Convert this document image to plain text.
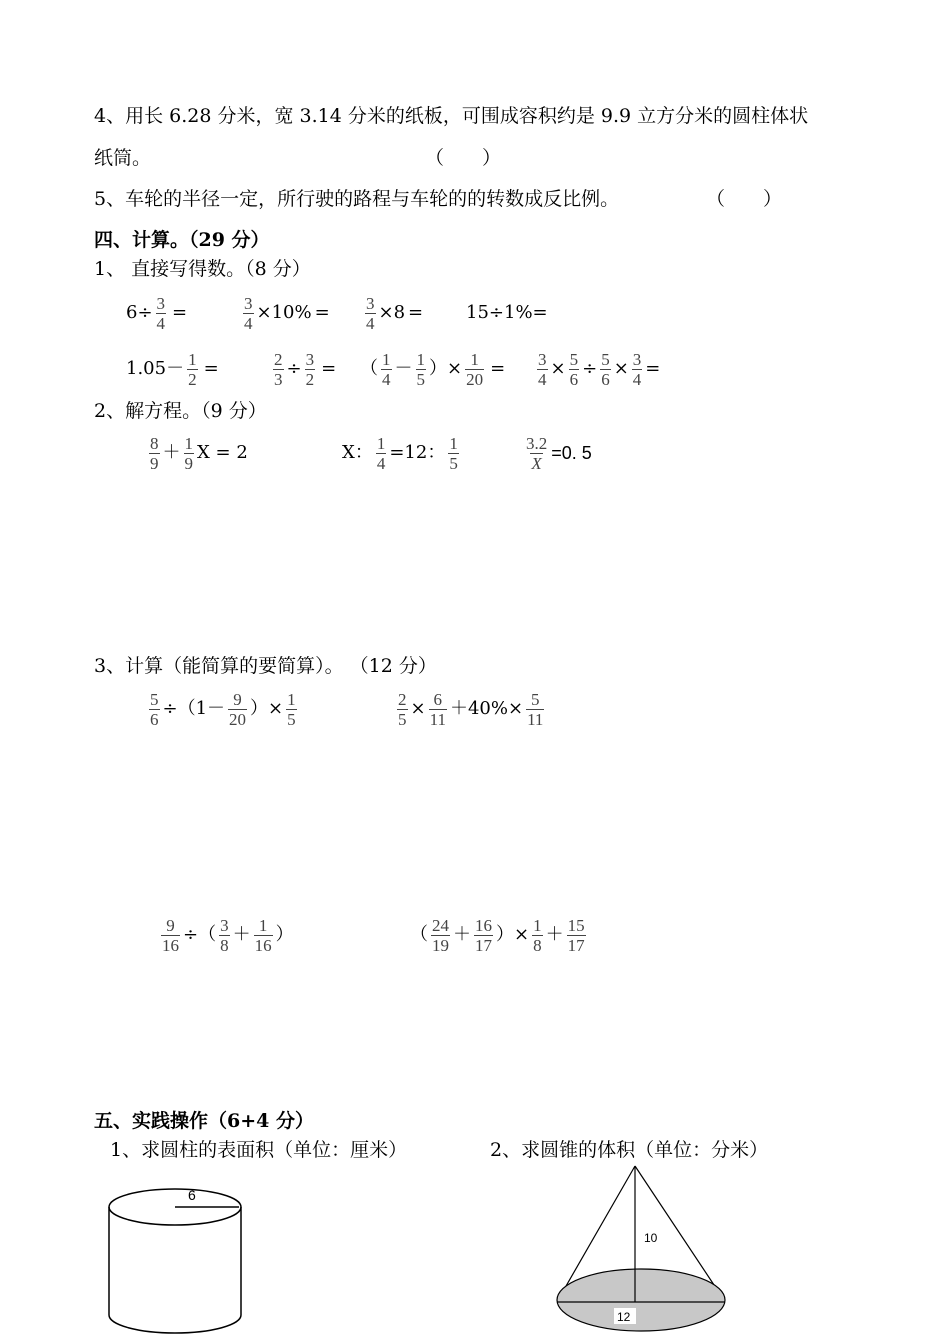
4、用长 6.28 分米，宽 3.14 分米的纸板，可围成容积约是 9.9 立方分米的圆柱体状
纸筒。	（　　）
5、车轮的半径一定，所行驶的路程与车轮的的转数成反比例。	（　　）
四、计算。（29 分）
1、 直接写得数。（8 分）
$6\div \frac{3}{4}$ =	$\frac{3}{4} \times 10\% = \frac{3}{4} \times 8 = 15\div 1\%=$
$1.05- \frac{1}{2}$ =	$\frac{2}{3} \div \frac{3}{2}$ = （ $\frac{1}{4} - \frac{1}{5}$ ） × $\frac{1}{20} = \frac{3}{4} \times \frac{5}{6} \div \frac{5}{6} \times \frac{3}{4}$ =
2、解方程。（9 分）
$\frac{8}{9} + \frac{1}{9}$ X = 2	X： $\frac{1}{4} =12$： $\frac{1}{5}$	$\frac{3.2}{X} =0$. 5
3、计算（能简算的要简算）。 （12 分）
$\frac{5}{6}$ ÷ （ $1- \frac{9}{20}$ ） × $\frac{1}{5}$	$\frac{2}{5} \times \frac{6}{11} +40\%\times \frac{5}{11}$
$\frac{9}{16}$ ÷ （ $\frac{3}{8} + \frac{1}{16}$ ）	（ $\frac{24}{19} + \frac{16}{17}$ ） × $\frac{1}{8} + \frac{15}{17}$
五、实践操作（6+4 分）
1、求圆柱的表面积（单位：厘米）	2、求圆锥的体积（单位：分米）
6
10
12
